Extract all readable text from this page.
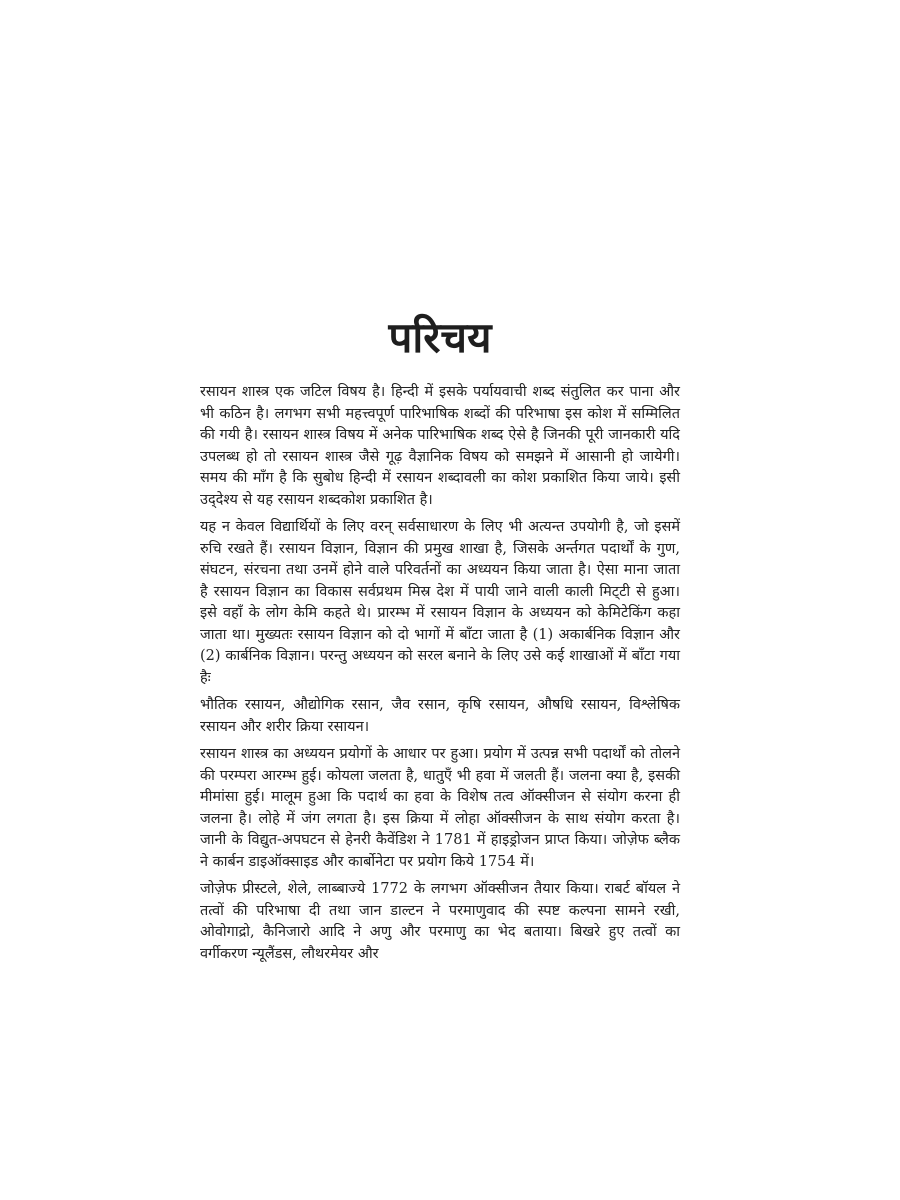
परिचय

रसायन शास्त्र एक जटिल विषय है। हिन्दी में इसके पर्यायवाची शब्द संतुलित कर पाना और भी कठिन है। लगभग सभी महत्त्वपूर्ण पारिभाषिक शब्दों की परिभाषा इस कोश में सम्मिलित की गयी है। रसायन शास्त्र विषय में अनेक पारिभाषिक शब्द ऐसे है जिनकी पूरी जानकारी यदि उपलब्ध हो तो रसायन शास्त्र जैसे गूढ़ वैज्ञानिक विषय को समझने में आसानी हो जायेगी। समय की माँग है कि सुबोध हिन्दी में रसायन शब्दावली का कोश प्रकाशित किया जाये। इसी उद्‌देश्य से यह रसायन शब्दकोश प्रकाशित है।

यह न केवल विद्यार्थियों के लिए वरन् सर्वसाधारण के लिए भी अत्यन्त उपयोगी है, जो इसमें रुचि रखते हैं। रसायन विज्ञान, विज्ञान की प्रमुख शाखा है, जिसके अर्न्तगत पदार्थों के गुण, संघटन, संरचना तथा उनमें होने वाले परिवर्तनों का अध्ययन किया जाता है। ऐसा माना जाता है रसायन विज्ञान का विकास सर्वप्रथम मिस्र देश में पायी जाने वाली काली मिट्‌टी से हुआ। इसे वहाँ के लोग केमि कहते थे। प्रारम्भ में रसायन विज्ञान के अध्ययन को केमिटेकिंग कहा जाता था। मुख्यतः रसायन विज्ञान को दो भागों में बाँटा जाता है (1) अकार्बनिक विज्ञान और (2) कार्बनिक विज्ञान। परन्तु अध्ययन को सरल बनाने के लिए उसे कई शाखाओं में बाँटा गया हैः

भौतिक रसायन, औद्योगिक रसान, जैव रसान, कृषि रसायन, औषधि रसायन, विश्लेषिक रसायन और शरीर क्रिया रसायन।

रसायन शास्त्र का अध्ययन प्रयोगों के आधार पर हुआ। प्रयोग में उत्पन्न सभी पदार्थों को तोलने की परम्परा आरम्भ हुई। कोयला जलता है, धातुएँ भी हवा में जलती हैं। जलना क्या है, इसकी मीमांसा हुई। मालूम हुआ कि पदार्थ का हवा के विशेष तत्व ऑक्सीजन से संयोग करना ही जलना है। लोहे में जंग लगता है। इस क्रिया में लोहा ऑक्सीजन के साथ संयोग करता है। जानी के विद्युत-अपघटन से हेनरी कैवेंडिश ने 1781 में हाइड्रोजन प्राप्त किया। जोज़ेफ ब्लैक ने कार्बन डाइऑक्साइड और कार्बोनेटा पर प्रयोग किये 1754 में।

जोज़ेफ प्रीस्टले, शेले, लाब्बाज्ये 1772 के लगभग ऑक्सीजन तैयार किया। राबर्ट बॉयल ने तत्वों की परिभाषा दी तथा जान डाल्टन ने परमाणुवाद की स्पष्ट कल्पना सामने रखी, ओवोगाद्रो, कैनिजारो आदि ने अणु और परमाणु का भेद बताया। बिखरे हुए तत्वों का वर्गीकरण न्यूलैंडस, लौथरमेयर और
